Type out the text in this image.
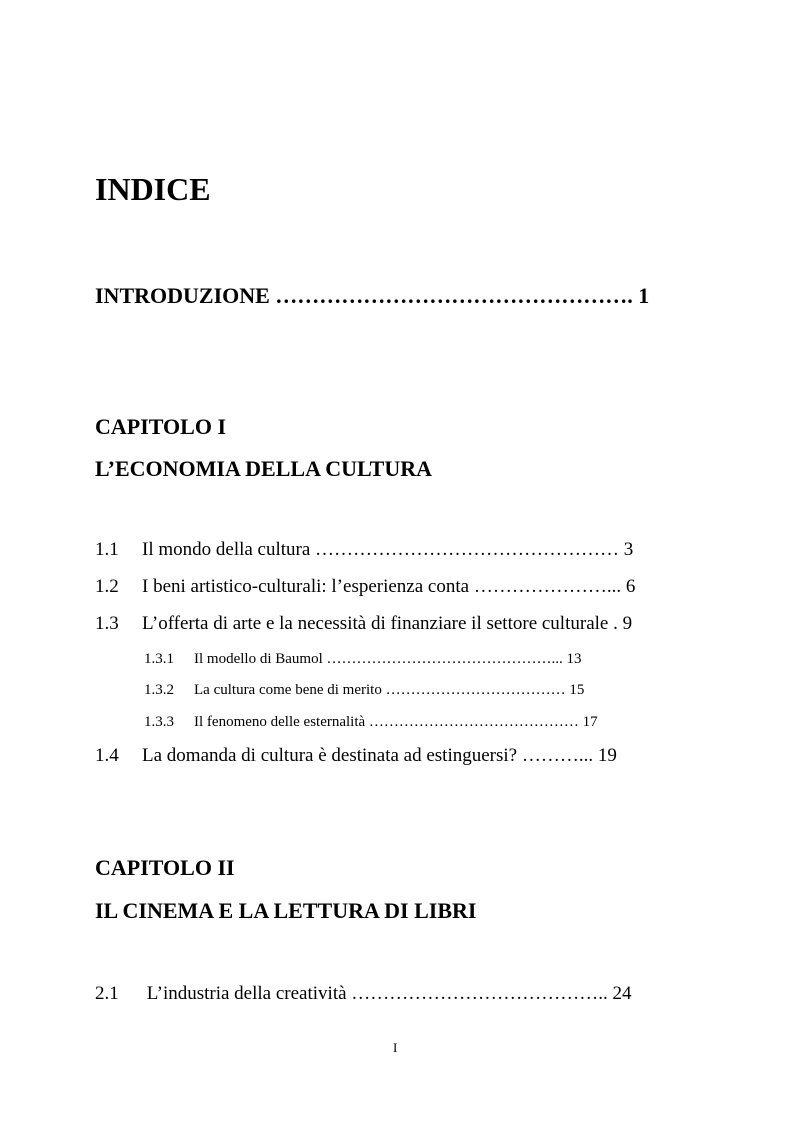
INDICE
INTRODUZIONE …………………………………………. 1
CAPITOLO I
L’ECONOMIA DELLA CULTURA
1.1 Il mondo della cultura ………………………………………… 3
1.2 I beni artistico-culturali: l’esperienza conta …………………... 6
1.3 L’offerta di arte e la necessità di finanziare il settore culturale . 9
1.3.1 Il modello di Baumol ………………………………………... 13
1.3.2 La cultura come bene di merito ……………………………… 15
1.3.3 Il fenomeno delle esternalità …………………………………… 17
1.4 La domanda di cultura è destinata ad estinguersi? ………... 19
CAPITOLO II
IL CINEMA E LA LETTURA DI LIBRI
2.1 L’industria della creatività ………………………………….. 24
I
